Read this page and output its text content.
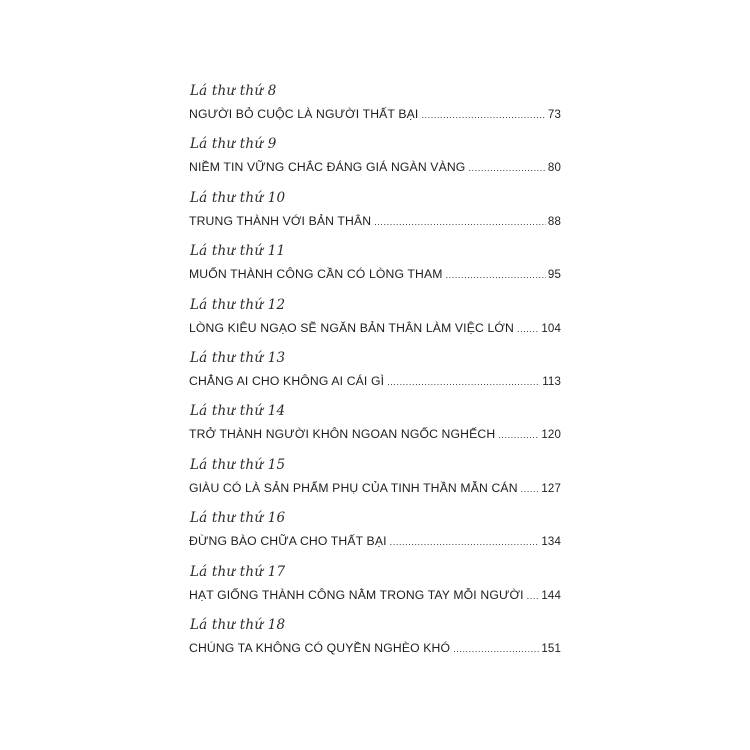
Lá thư thứ 8
NGƯỜI BỎ CUỘC LÀ NGƯỜI THẤT BẠI .....	73
Lá thư thứ 9
NIỀM TIN VỮNG CHẮC ĐÁNG GIÁ NGÀN VÀNG .....	80
Lá thư thứ 10
TRUNG THÀNH VỚI BẢN THÂN .....	88
Lá thư thứ 11
MUỐN THÀNH CÔNG CẦN CÓ LÒNG THAM .....	95
Lá thư thứ 12
LÒNG KIÊU NGẠO SẼ NGĂN BẢN THÂN LÀM VIỆC LỚN ..... 104
Lá thư thứ 13
CHẲNG AI CHO KHÔNG AI CÁI GÌ .....	113
Lá thư thứ 14
TRỞ THÀNH NGƯỜI KHÔN NGOAN NGỐC NGHẾCH .....	120
Lá thư thứ 15
GIÀU CÓ LÀ SẢN PHẨM PHỤ CỦA TINH THẦN MẪN CÁN ..... 127
Lá thư thứ 16
ĐỪNG BÀO CHỮA CHO THẤT BẠI .....	134
Lá thư thứ 17
HẠT GIỐNG THÀNH CÔNG NẰM TRONG TAY MỖI NGƯỜI ..... 144
Lá thư thứ 18
CHÚNG TA KHÔNG CÓ QUYỀN NGHÈO KHÓ .....	151
